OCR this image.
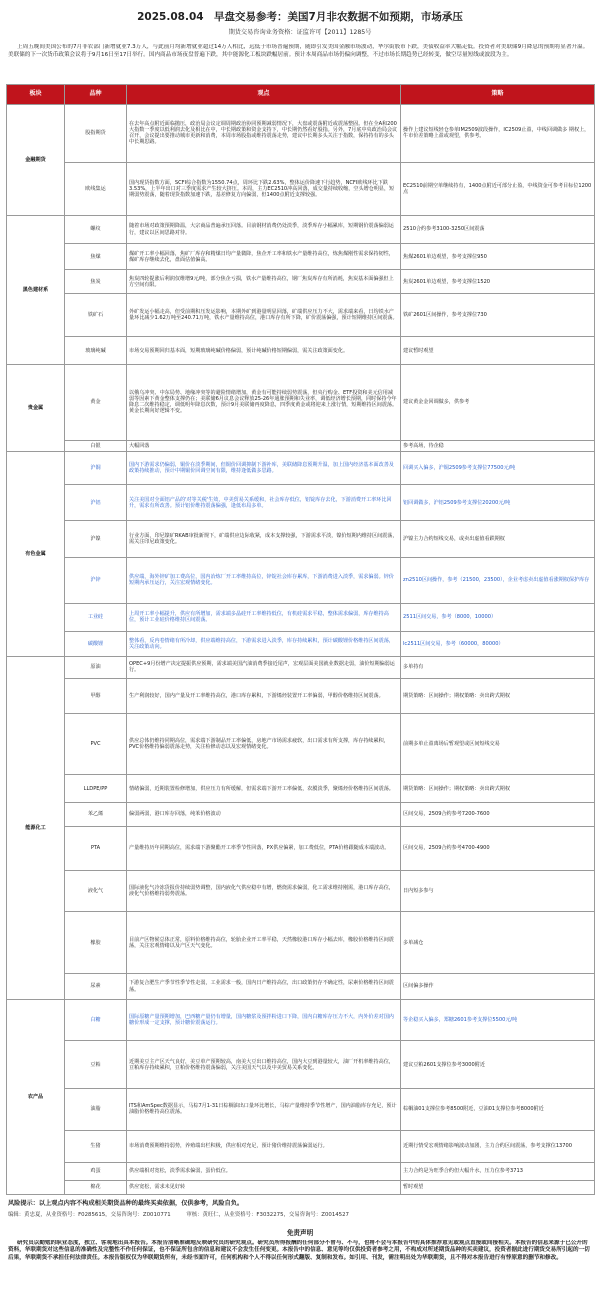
2025.08.04　早盘交易参考：美国7月非农数据不如预期，市场承压
期货交易咨询业务资格：证监许可【2011】1285号

上周五晚间美国公布的7月非农部门新增就业7.3万人，与此前月均新增就业超过14万人相比，远低于市场普遍预期，随即引发美国金融市场波动，华尔街股市下跌，美债收益率大幅走低。投资者对美联储9月降息的预期将显著升温。美联储的下一次货币政策会议将于9月16日至17日举行。国内商品市场夜盘普遍下跌，其中能源化工板块跌幅居前。预计本周商品市场仍偏向调整，不过市场长期趋势已经转变，做空尽量短线或波段为主。

板块	品种	观点	策略
金融期货	股指期货	在去年高点附近面临抛压，政治局会议定调周期政治协同预期减弱情况下，大盘或震荡附近或震荡整固。但在全A和200大指数一季度以低利润去化及相比在中，中长期政策和资金支持下，中长期仍然看好股指。另外，7月底中央政治局会议召开，会议提出要推动城市更新和消费，本周市场股指或维持震荡走势，建议中长期多头关注于指数，保持持有的多头中长期思路。	操作上建议短线轻仓参单IM2509波段操作，IC2509止盈，中线回调做多 期权上，牛市价差策略上盈或观望，供参考。
	欧线集运	国内现货指数方面，SCFI综合指数为1550.74点，周环比下跌2.63%，整体运价降速下行趋势，NCFI欧线环比下跌3.53%，上半年出口对三季度需求产生较大挤压。本周，主力EC2510冲高回落，成交量持续收缩，空头增仓明显，短期弱势震荡，随着现货指数加速下跌，基差修复方向偏弱，但1400点附近支撑较强。	EC2510前期空单继续持有，1400点附近可部分止盈，中线资金可参考目标位1200点
黑色建材系	螺纹	随着市场对政策预期降温，大宗商品普遍承压回落。目前钢材消费仍处淡季，淡季库存小幅累库，短期钢价震荡偏弱运行，建议以区间思路对待。	2510合约参考3100-3250区间震荡
	焦煤	煤矿开工率小幅回落，焦矿厂库存和精煤日均产量微降，焦企开工率和铁水产量维持高位，炼焦煤刚性需求保持韧性，煤矿库存继续去化，盘面估值偏高。	焦煤2601单边观望，参考支撑位950
	焦炭	焦炭四轮提涨后利润仅维增9元/吨，部分焦企亏损，铁水产量维持高位，钢厂焦炭库存有所消耗，焦炭基本面偏强但上方空间有限。	焦炭2601单边观望，参考支撑位1520
	铁矿石	外矿发运小幅走高，但受前期积压发运影响，本期外矿到港量明显回落，矿端供应压力不大，需求端来看，日均铁水产量环比减少1.62万吨至240.71万吨，铁水产量维持高位，港口库存有所下降，矿价震荡偏强，预计短期维持区间震荡。	铁矿2601区间操作，参考支撑位730
	玻璃纯碱	市场交易预期回归基本面，短期玻璃纯碱价格偏弱，预计纯碱价格短期偏弱，需关注政策面变化。	建议暂时观望
贵金属	黄金	以俄乌冲突、中东局势、地缘冲突等的避险情绪增加，黄金有可能持续弱势震荡，但央行购金、ETF投资和美元信用减弱等因素下黄金整体支撑仍在；美联储6月议息会议释放25-26年通胀预期和失业率，调低经济增长预期，同时保持今年降息二次维持稳定，调低明年降息次数，预计9月美联储再度降息，四季度黄金或将迎来上涨行情，短期维持区间震荡。黄金长期向好逻辑不变。	建议黄金金回调做多，供参考
	白银	大幅回落	参考高场，待企稳
有色金属	沪铜	国内下游需求仍偏弱，铜价在淡季期间，但铜价回调抑制下游补库，美联储降息预期升温，加上国内经济基本面改善及政策持续推动，预计中期铜价回调空间有限，维持逢低做多思路。	回调买入偏多，沪铜2509参考支撑位77500元/吨
	沪铝	关注美国对全面铝产品的'对等关税'生效，中美贸易关系缓和，社会库存低位，铝锭库存去化，下游消费开工率环比回升，需求有所改善。预计铝价维持震荡偏强，逢低布局多单。	铝回调做多，沪铝2509参考支撑位20200元/吨
	沪镍	行业方面，印尼镍矿RKAB审批新规下，矿端供应边际收紧，成本支撑较强，下游需求平淡，镍价短期内维持区间震荡，需关注印尼政策变化。	沪镍主力合约短线交易，或卖出虚值看跌期权
	沪锌	供应端，海外锌矿加工费高位，国内冶炼厂开工率维持高位，锌锭社会库存累库，下游消费进入淡季，需求偏弱。锌价短期内承压运行，关注宏观情绪变化。	zn2510区间操作，参考（21500，23500），企业考虑卖出虚值看涨期权保护库存
	工业硅	上周开工率小幅提升，供应有所增加，需求端多晶硅开工率维持低位，有机硅需求平稳，整体需求偏弱，库存维持高位，预计工业硅价格维持区间震荡。	2511区间交易，参考（8000，10000）
	碳酸锂	整体看，反内卷情绪有所冷却，供应端维持高位，下游需求进入淡季，库存持续累积，预计碳酸锂价格维持区间震荡，关注政策动向。	lc2511区间交易，参考（60000，80000）
能源化工	原油	OPEC+9月份增产决定提振供应预期，需求端美国汽油消费季接近尾声，宏观层面美国就业数据走弱，油价短期偏弱运行。	多单持有
	甲醇	生产利润较好，国内产量及开工率维持高位，港口库存累积，下游烯烃装置开工率偏弱，甲醇价格维持区间震荡。	期货策略：区间操作；期权策略：卖出跨式期权
	PVC	供应总体仍维持同期高位，需求端下游制品开工率偏低，房地产市场需求疲软，出口需求有所支撑，库存持续累积，PVC价格维持偏弱震荡走势，关注检修动态以及宏观情绪变化。	前期多单止盈离场后暂观望或区间短线交易
	LLDPE/PP	情绪偏弱，近期装置检修增加，供应压力有所缓解，但需求端下游开工率偏低，农膜淡季，聚烯烃价格维持区间震荡。	期货策略：区间操作；期权策略：卖出跨式期权
	苯乙烯	偏弱两弱，港口库存回落，纯苯价格波动	区间交易，2509合约参考7200-7600
	PTA	产量维持历年同期高位，需求端下游聚酯开工率季节性回落，PX供应偏紧，加工费低位，PTA价格跟随成本端波动。	区间交易，2509合约参考4700-4900
	液化气	国际液化气冷冻货报价持续弱势调整，国内液化气供应稳中有增，燃烧需求偏弱，化工需求维持刚需，港口库存高位，液化气价格维持弱势震荡。	日内短多参与
	橡胶	目前产区物候总体正常，原料价格维持高位，轮胎企业开工率平稳，天然橡胶港口库存小幅去库，橡胶价格维持区间震荡，关注宏观情绪以及产区天气变化。	多单减仓
	尿素	下游复合肥生产季节性季节性走弱，工业需求一般，国内日产维持高位，出口政策仍存不确定性，尿素价格维持区间震荡。	区间偏多操作
农产品	白糖	国际原糖产量预期增加，巴西糖产量仍有增量，国内糖浆及预拌粉进口下降，国内白糖库存压力不大，内外价差对国内糖价形成一定支撑，预计糖价震荡运行。	等企稳买入偏多，郑糖2601参考支撑位5500元/吨
	豆粕	近期美豆主产区天气良好，美豆单产预期较高，南美大豆出口维持高位，国内大豆到港量较大，油厂开机率维持高位，豆粕库存持续累积，豆粕价格维持震荡偏弱，关注美国天气以及中美贸易关系变化。	建议豆粕2601支撑位参考3000附近
	油脂	ITS和AmSpec数据显示，马棕7月1-31日棕榈油出口量环比增长，马棕产量维持季节性增产，国内油脂库存充足，预计油脂价格维持高位震荡。	棕榈油01支撑位参考8500附近，豆油01支撑位参考8000附近
	生猪	市场消费预期维持弱势，养殖端出栏积极，供应相对充足，预计猪价维持震荡偏弱运行。	近期行情受宏观情绪影响波动加剧，主力合约区间震荡，参考支撑位13700
	鸡蛋	供应端相对宽松，淡季需求偏弱，蛋价低位。	主力合约是为旺季合约但大幅升水，压力位参考3713
	棉花	供应宽松，需求未见好转	暂时观望
风险提示：以上观点内容不构成相关期货品种的最终买卖依据，仅供参考，风险自负。
编辑：黄忠夏，从业资格号：F0285615，交易咨询号：Z0010771	审核：黄旺仁，从业资格号：F3032275，交易咨询号：Z0014527
免责声明

研究员以勤勉的职业态度，独立、客观地出具本报告。本报告清晰准确地反映研究员的研究观点。研究员所得报酬的任何部分不曾与、不与，也将不会与本报告中的具体推荐意见或观点直接或间接相关。本报告的信息来源于已公开的资料，华联期货对这些信息的准确性及完整性不作任何保证，也不保证所包含的信息和建议不会发生任何变更。本报告中的信息、意见等均仅供投资者参考之用，不构成对所述期货品种的买卖建议，投资者据此进行期货交易所引起的一切后果，华联期货不承担任何法律责任。本报告版权仅为华联期货所有，未经书面许可，任何机构和个人不得以任何形式翻版、复制和发布。如引用、刊发，需注明出处为华联期货，且不得对本报告进行有悖原意的删节和修改。
